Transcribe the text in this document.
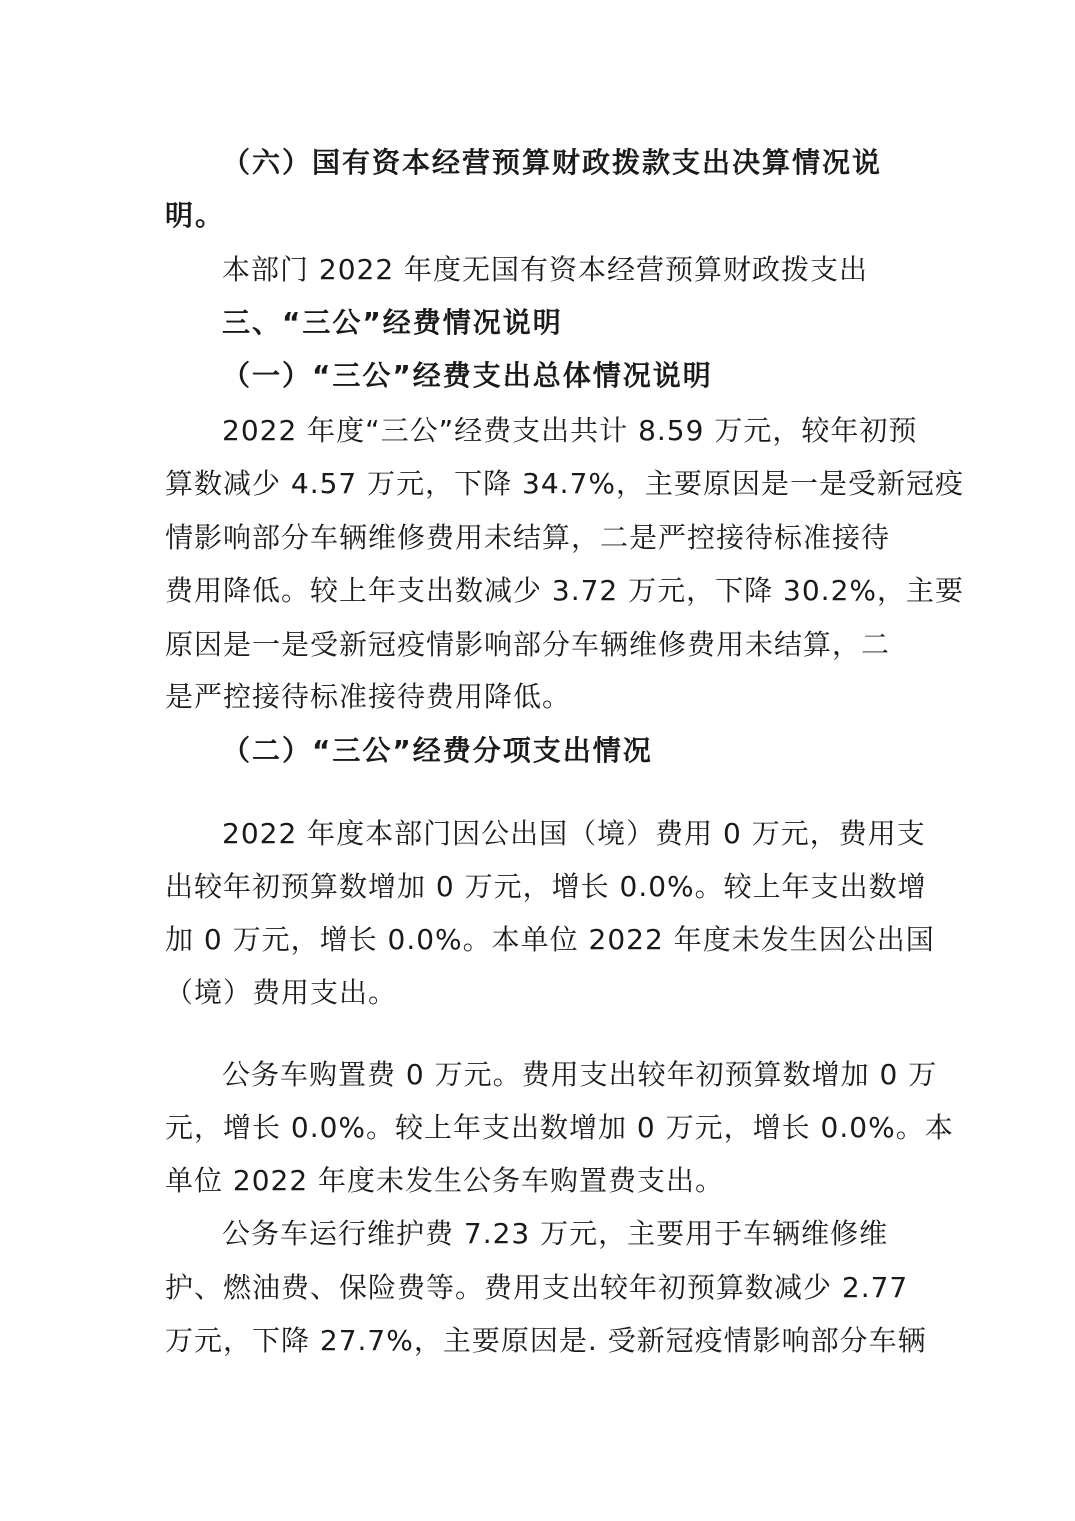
（六）国有资本经营预算财政拨款支出决算情况说
明。
本部门 2022 年度无国有资本经营预算财政拨支出
三、“三公”经费情况说明
（一）“三公”经费支出总体情况说明
2022 年度“三公”经费支出共计 8.59 万元，较年初预
算数减少 4.57 万元，下降 34.7%，主要原因是一是受新冠疫
情影响部分车辆维修费用未结算，二是严控接待标准接待
费用降低。较上年支出数减少 3.72 万元，下降 30.2%，主要
原因是一是受新冠疫情影响部分车辆维修费用未结算，二
是严控接待标准接待费用降低。
（二）“三公”经费分项支出情况
2022 年度本部门因公出国（境）费用 0 万元，费用支
出较年初预算数增加 0 万元，增长 0.0%。较上年支出数增
加 0 万元，增长 0.0%。本单位 2022 年度未发生因公出国
（境）费用支出。
公务车购置费 0 万元。费用支出较年初预算数增加 0 万
元，增长 0.0%。较上年支出数增加 0 万元，增长 0.0%。本
单位 2022 年度未发生公务车购置费支出。
公务车运行维护费 7.23 万元，主要用于车辆维修维
护、燃油费、保险费等。费用支出较年初预算数减少 2.77
万元，下降 27.7%，主要原因是. 受新冠疫情影响部分车辆
